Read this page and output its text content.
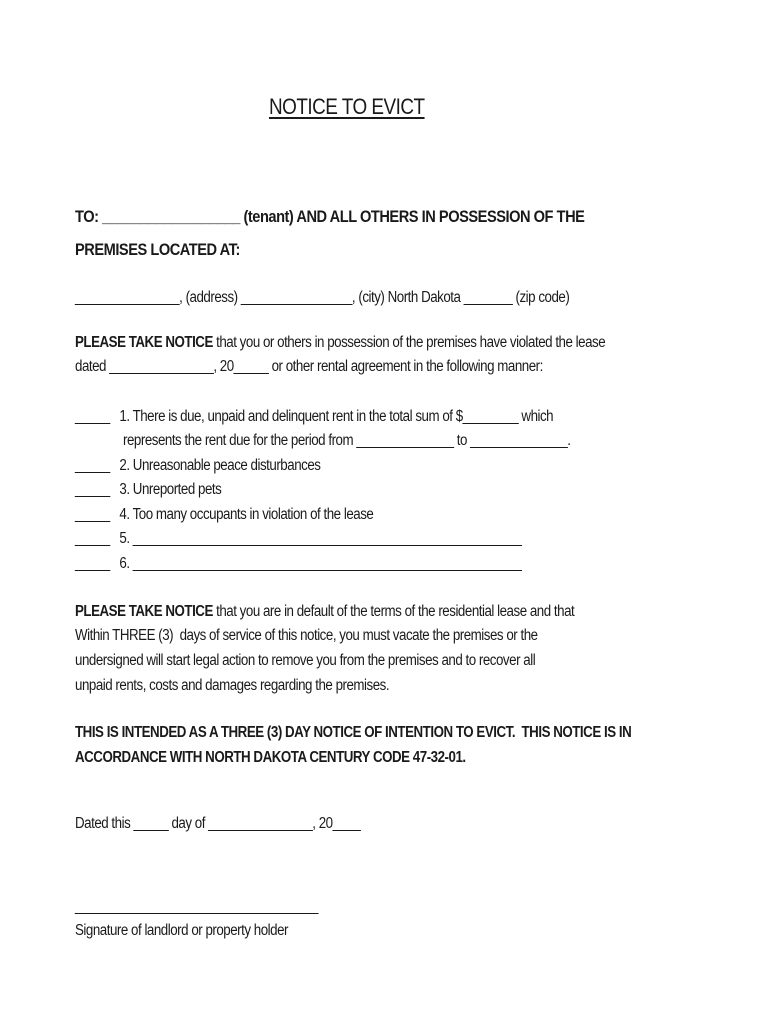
NOTICE TO EVICT
TO: __________________ (tenant) AND ALL OTHERS IN POSSESSION OF THE
PREMISES LOCATED AT:
_______________, (address) ________________, (city) North Dakota _______ (zip code)
PLEASE TAKE NOTICE that you or others in possession of the premises have violated the lease
dated _______________, 20_____ or other rental agreement in the following manner:
_____ 1. There is due, unpaid and delinquent rent in the total sum of $________ which
represents the rent due for the period from ______________ to ______________.
_____ 2. Unreasonable peace disturbances
_____ 3. Unreported pets
_____ 4. Too many occupants in violation of the lease
_____ 5. ________________________________________________________
_____ 6. ________________________________________________________
PLEASE TAKE NOTICE that you are in default of the terms of the residential lease and that
Within THREE (3)  days of service of this notice, you must vacate the premises or the
undersigned will start legal action to remove you from the premises and to recover all
unpaid rents, costs and damages regarding the premises.
THIS IS INTENDED AS A THREE (3) DAY NOTICE OF INTENTION TO EVICT.  THIS NOTICE IS IN
ACCORDANCE WITH NORTH DAKOTA CENTURY CODE 47-32-01.
Dated this _____ day of _______________, 20____
___________________________________
Signature of landlord or property holder
